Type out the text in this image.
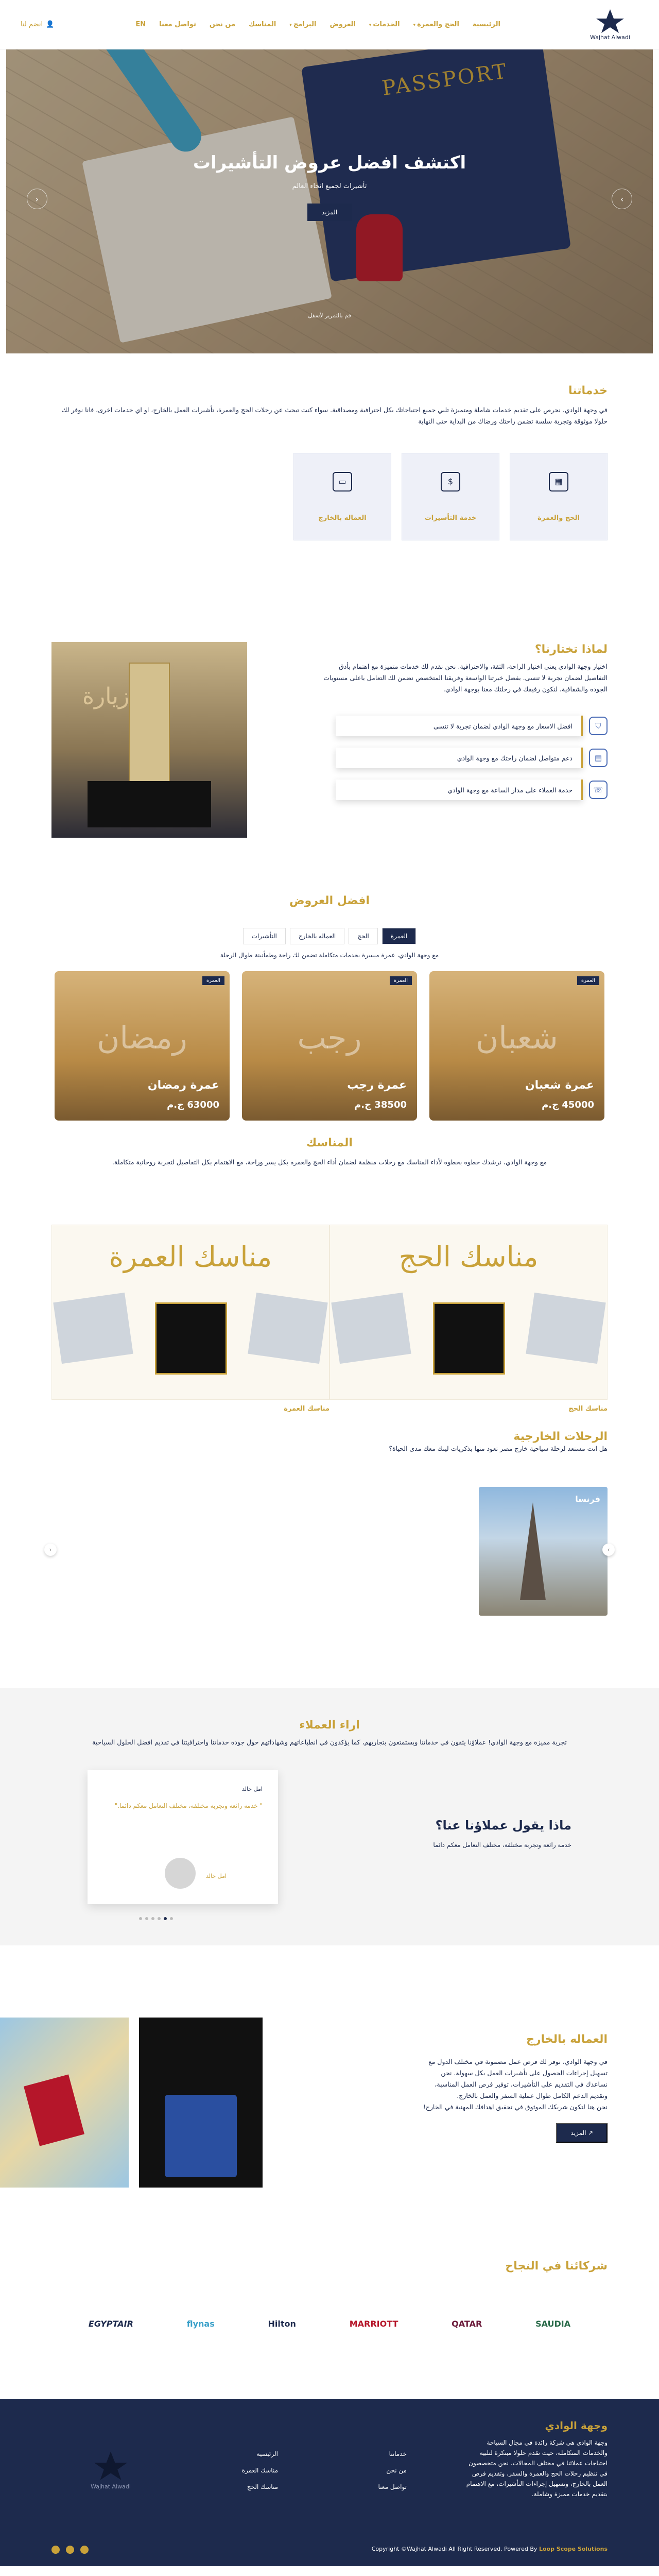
Wajhat Alwadi
الرئيسية
الحج والعمرة▾
الخدمات▾
العروض
البرامج▾
المناسك
من نحن
تواصل معنا
EN
👤
انضم لنا
PASSPORT
اكتشف افضل عروض التأشيرات
تأشيرات لجميع انحاء العالم
المزيد
قم بالتمرير لأسفل
›
‹
خدماتنا

في وجهة الوادي، نحرص على تقديم خدمات شاملة ومتميزة تلبي جميع احتياجاتك بكل احترافية ومصداقية. سواء كنت تبحث عن رحلات الحج والعمرة، تأشيرات العمل بالخارج، او اي خدمات اخرى، فانا نوفر لك حلولا موثوقة وتجربة سلسة تضمن راحتك ورضاك من البداية حتى النهاية

▦
الحج والعمرة
$
خدمة التأشيرات
▭
العماله بالخارج
زيارة
لماذا تختارنا؟

اختيار وجهة الوادي يعني اختيار الراحة، الثقة، والاحترافية. نحن نقدم لك خدمات متميزة مع اهتمام بأدق التفاصيل لضمان تجربة لا تنسى. بفضل خبرتنا الواسعة وفريقنا المتخصص نضمن لك التعامل باعلى مستويات الجودة والشفافية، لنكون رفيقك في رحلتك معنا بوجهة الوادي.

⛉
افضل الاسعار مع وجهة الوادي لضمان تجربة لا تنسى
▤
دعم متواصل لضمان راحتك مع وجهة الوادي
☏
خدمة العملاء على مدار الساعة مع وجهة الوادي
افضل العروض
العمرة
الحج
العماله بالخارج
التأشيرات

مع وجهة الوادي، عمرة ميسرة بخدمات متكاملة تضمن لك راحة وطمأنينة طوال الرحلة

العمرة
شعبان
عمرة شعبان
45000 ج.م
العمرة
رجب
عمرة رجب
38500 ج.م
العمرة
رمضان
عمرة رمضان
63000 ج.م
المناسك

مع وجهة الوادي، نرشدك خطوة بخطوة لأداء المناسك مع رحلات منظمة لضمان أداء الحج والعمرة بكل يسر وراحة، مع الاهتمام بكل التفاصيل لتجربة روحانية متكاملة.

مناسك الحج
مناسك الحج
مناسك العمرة
مناسك العمرة
الرحلات الخارجية

هل انت مستعد لرحلة سياحية خارج مصر تعود منها بذكريات لينك معك مدى الحياة؟

فرنسا
›
‹
اراء العملاء

تجربة مميزة مع وجهة الوادي! عملاؤنا يثقون في خدماتنا ويستمتعون بتجاربهم، كما يؤكدون في انطباعاتهم وشهاداتهم حول جودة خدماتنا واحترافيتنا في تقديم افضل الحلول السياحية

امل خالد
" خدمة رائعة وتجربة مختلفة، مختلف التعامل معكم دائما."
امل خالد
ماذا يقول عملاؤنا عنا؟
خدمة رائعة وتجربة مختلفة، مختلف التعامل معكم دائما
العماله بالخارج

في وجهة الوادي، نوفر لك فرص عمل مضمونة في مختلف الدول مع تسهيل إجراءات الحصول على تأشيرات العمل بكل سهولة. نحن نساعدك في التقديم على التأشيرات، توفير فرص العمل المناسبة، وتقديم الدعم الكامل طوال عملية السفر والعمل بالخارج.
نحن هنا لتكون شريكك الموثوق في تحقيق اهدافك المهنية في الخارج!

↗ المزيد
شركائنا في النجاح
SAUDIA
QATAR
MARRIOTT
Hilton
flynas
EGYPTAIR
وجهة الوادي
وجهة الوادي هي شركة رائدة في مجال السياحة والخدمات المتكاملة، حيث نقدم حلولا مبتكرة لتلبية احتياجات عملائنا في مختلف المجالات. نحن متخصصون في تنظيم رحلات الحج والعمرة والسفر، وتقديم فرص العمل بالخارج، وتسهيل إجراءات التأشيرات، مع الاهتمام بتقديم خدمات مميزة وشاملة.
خدماتنا
من نحن
تواصل معنا
الرئيسية
مناسك العمرة
مناسك الحج
Wajhat Alwadi
Copyright ©Wajhat Alwadi All Right Reserved. Powered By Loop Scope Solutions
